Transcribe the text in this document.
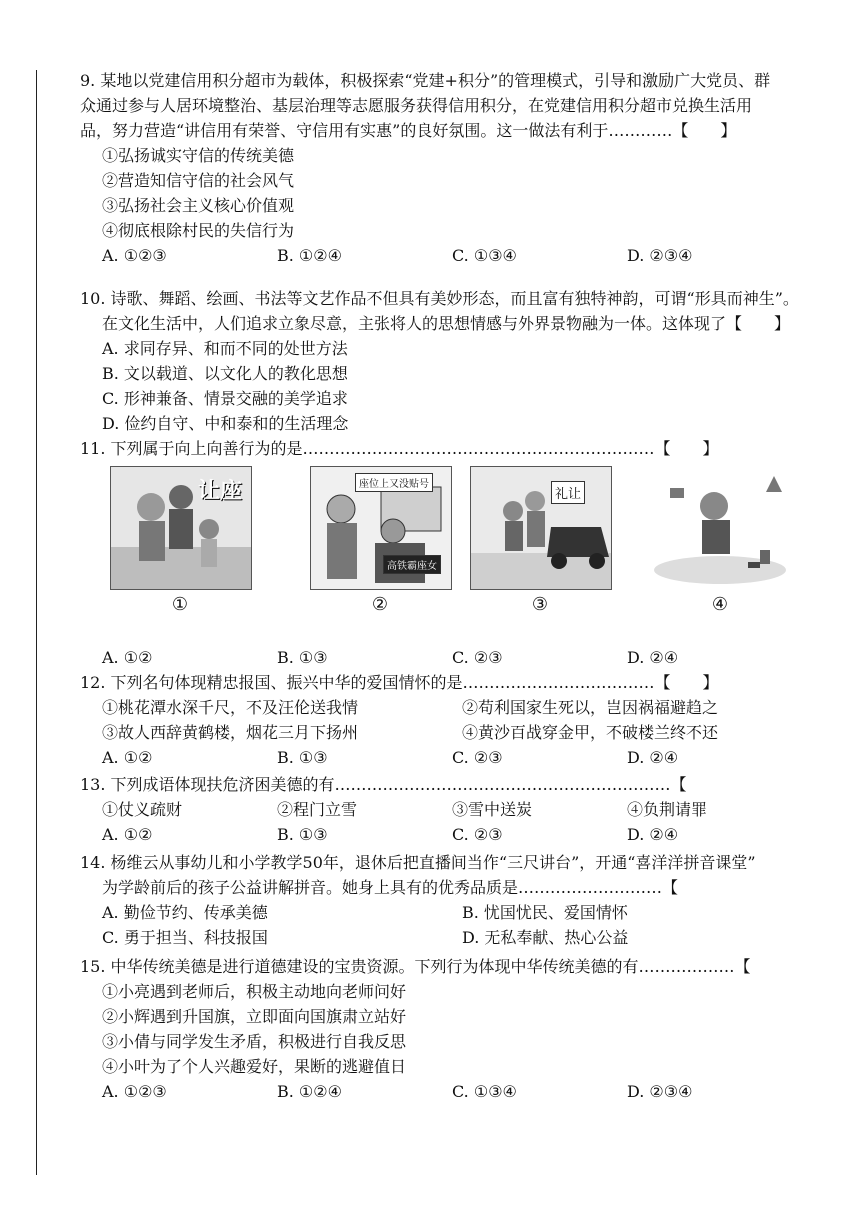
9. 某地以党建信用积分超市为载体，积极探索“党建+积分”的管理模式，引导和激励广大党员、群
众通过参与人居环境整治、基层治理等志愿服务获得信用积分，在党建信用积分超市兑换生活用
品，努力营造“讲信用有荣誉、守信用有实惠”的良好氛围。这一做法有利于…………【　　】
①弘扬诚实守信的传统美德
②营造知信守信的社会风气
③弘扬社会主义核心价值观
④彻底根除村民的失信行为
A. ①②③	B. ①②④	C. ①③④	D. ②③④
10. 诗歌、舞蹈、绘画、书法等文艺作品不但具有美妙形态，而且富有独特神韵，可谓“形具而神生”。
在文化生活中，人们追求立象尽意，主张将人的思想情感与外界景物融为一体。这体现了【　　】
A. 求同存异、和而不同的处世方法
B. 文以载道、以文化人的教化思想
C. 形神兼备、情景交融的美学追求
D. 俭约自守、中和泰和的生活理念
11. 下列属于向上向善行为的是…………………………………………………………【　　】
让座
①
座位上又没贴号
高铁霸座女
②
礼让
③	④
A. ①②	B. ①③	C. ②③	D. ②④
12. 下列名句体现精忠报国、振兴中华的爱国情怀的是………………………………【　　】
①桃花潭水深千尺，不及汪伦送我情	②苟利国家生死以，岂因祸福避趋之
③故人西辞黄鹤楼，烟花三月下扬州	④黄沙百战穿金甲，不破楼兰终不还
A. ①②	B. ①③	C. ②③	D. ②④
13. 下列成语体现扶危济困美德的有………………………………………………………【
①仗义疏财	②程门立雪	③雪中送炭	④负荆请罪
A. ①②	B. ①③	C. ②③	D. ②④
14. 杨维云从事幼儿和小学教学50年，退休后把直播间当作“三尺讲台”，开通“喜洋洋拼音课堂”
为学龄前后的孩子公益讲解拼音。她身上具有的优秀品质是………………………【
A. 勤俭节约、传承美德	B. 忧国忧民、爱国情怀
C. 勇于担当、科技报国	D. 无私奉献、热心公益
15. 中华传统美德是进行道德建设的宝贵资源。下列行为体现中华传统美德的有………………【
①小亮遇到老师后，积极主动地向老师问好
②小辉遇到升国旗，立即面向国旗肃立站好
③小倩与同学发生矛盾，积极进行自我反思
④小叶为了个人兴趣爱好，果断的逃避值日
A. ①②③	B. ①②④	C. ①③④	D. ②③④
